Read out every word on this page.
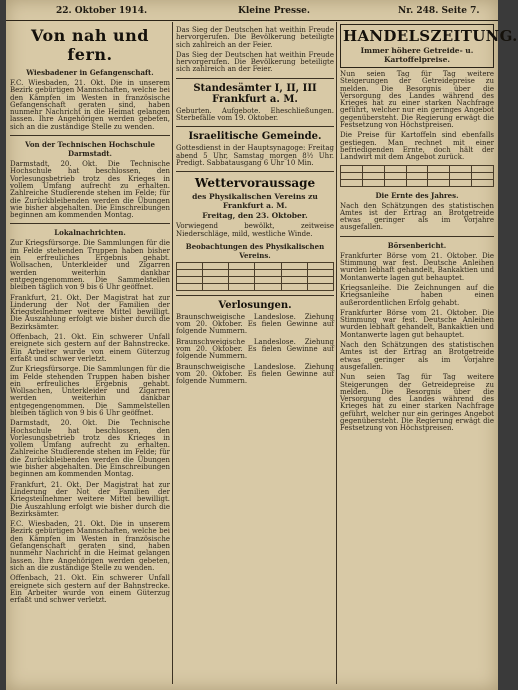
22. Oktober 1914.	Kleine Presse.	Nr. 248. Seite 7.
Von nah und fern.
Wiesbadener in Gefangenschaft.
F.C. Wiesbaden, 21. Okt. Die in unserem Bezirk gebürtigen Mannschaften, welche bei den Kämpfen im Westen in französische Gefangenschaft geraten sind, haben nunmehr Nachricht in die Heimat gelangen lassen. Ihre Angehörigen werden gebeten, sich an die zuständige Stelle zu wenden.
Von der Technischen Hochschule Darmstadt.
Darmstadt, 20. Okt. Die Technische Hochschule hat beschlossen, den Vorlesungsbetrieb trotz des Krieges in vollem Umfang aufrecht zu erhalten. Zahlreiche Studierende stehen im Felde; für die Zurückbleibenden werden die Übungen wie bisher abgehalten. Die Einschreibungen beginnen am kommenden Montag.
Lokalnachrichten.
Zur Kriegsfürsorge. Die Sammlungen für die im Felde stehenden Truppen haben bisher ein erfreuliches Ergebnis gehabt. Wollsachen, Unterkleider und Zigarren werden weiterhin dankbar entgegengenommen. Die Sammelstellen bleiben täglich von 9 bis 6 Uhr geöffnet.
Frankfurt, 21. Okt. Der Magistrat hat zur Linderung der Not der Familien der Kriegsteilnehmer weitere Mittel bewilligt. Die Auszahlung erfolgt wie bisher durch die Bezirksämter.
Offenbach, 21. Okt. Ein schwerer Unfall ereignete sich gestern auf der Bahnstrecke. Ein Arbeiter wurde von einem Güterzug erfaßt und schwer verletzt.
Zur Kriegsfürsorge. Die Sammlungen für die im Felde stehenden Truppen haben bisher ein erfreuliches Ergebnis gehabt. Wollsachen, Unterkleider und Zigarren werden weiterhin dankbar entgegengenommen. Die Sammelstellen bleiben täglich von 9 bis 6 Uhr geöffnet.
Darmstadt, 20. Okt. Die Technische Hochschule hat beschlossen, den Vorlesungsbetrieb trotz des Krieges in vollem Umfang aufrecht zu erhalten. Zahlreiche Studierende stehen im Felde; für die Zurückbleibenden werden die Übungen wie bisher abgehalten. Die Einschreibungen beginnen am kommenden Montag.
Frankfurt, 21. Okt. Der Magistrat hat zur Linderung der Not der Familien der Kriegsteilnehmer weitere Mittel bewilligt. Die Auszahlung erfolgt wie bisher durch die Bezirksämter.
F.C. Wiesbaden, 21. Okt. Die in unserem Bezirk gebürtigen Mannschaften, welche bei den Kämpfen im Westen in französische Gefangenschaft geraten sind, haben nunmehr Nachricht in die Heimat gelangen lassen. Ihre Angehörigen werden gebeten, sich an die zuständige Stelle zu wenden.
Offenbach, 21. Okt. Ein schwerer Unfall ereignete sich gestern auf der Bahnstrecke. Ein Arbeiter wurde von einem Güterzug erfaßt und schwer verletzt.
Das Sieg der Deutschen hat weithin Freude hervorgerufen. Die Bevölkerung beteiligte sich zahlreich an der Feier.
Das Sieg der Deutschen hat weithin Freude hervorgerufen. Die Bevölkerung beteiligte sich zahlreich an der Feier.
Standesämter I, II, III Frankfurt a. M.
Geburten. Aufgebote. Eheschließungen. Sterbefälle vom 19. Oktober.
Israelitische Gemeinde.
Gottesdienst in der Hauptsynagoge: Freitag abend 5 Uhr, Samstag morgen 8½ Uhr. Predigt. Sabbatausgang 6 Uhr 10 Min.
Wettervoraussage
des Physikalischen Vereins zu Frankfurt a. M.
Freitag, den 23. Oktober.
Vorwiegend bewölkt, zeitweise Niederschläge, mild, westliche Winde.
Beobachtungen des Physikalischen Vereins.

Verlosungen.
Braunschweigische Landeslose. Ziehung vom 20. Oktober. Es fielen Gewinne auf folgende Nummern.
Braunschweigische Landeslose. Ziehung vom 20. Oktober. Es fielen Gewinne auf folgende Nummern.
Braunschweigische Landeslose. Ziehung vom 20. Oktober. Es fielen Gewinne auf folgende Nummern.
HANDELSZEITUNG.
Immer höhere Getreide- u. Kartoffelpreise.
Nun seien Tag für Tag weitere Steigerungen der Getreidepreise zu melden. Die Besorgnis über die Versorgung des Landes während des Krieges hat zu einer starken Nachfrage geführt, welcher nur ein geringes Angebot gegenübersteht. Die Regierung erwägt die Festsetzung von Höchstpreisen.
Die Preise für Kartoffeln sind ebenfalls gestiegen. Man rechnet mit einer befriedigenden Ernte, doch hält der Landwirt mit dem Angebot zurück.

Die Ernte des Jahres.
Nach den Schätzungen des statistischen Amtes ist der Ertrag an Brotgetreide etwas geringer als im Vorjahre ausgefallen.
Börsenbericht.
Frankfurter Börse vom 21. Oktober. Die Stimmung war fest. Deutsche Anleihen wurden lebhaft gehandelt, Bankaktien und Montanwerte lagen gut behauptet.
Kriegsanleihe. Die Zeichnungen auf die Kriegsanleihe haben einen außerordentlichen Erfolg gehabt.
Frankfurter Börse vom 21. Oktober. Die Stimmung war fest. Deutsche Anleihen wurden lebhaft gehandelt, Bankaktien und Montanwerte lagen gut behauptet.
Nach den Schätzungen des statistischen Amtes ist der Ertrag an Brotgetreide etwas geringer als im Vorjahre ausgefallen.
Nun seien Tag für Tag weitere Steigerungen der Getreidepreise zu melden. Die Besorgnis über die Versorgung des Landes während des Krieges hat zu einer starken Nachfrage geführt, welcher nur ein geringes Angebot gegenübersteht. Die Regierung erwägt die Festsetzung von Höchstpreisen.
